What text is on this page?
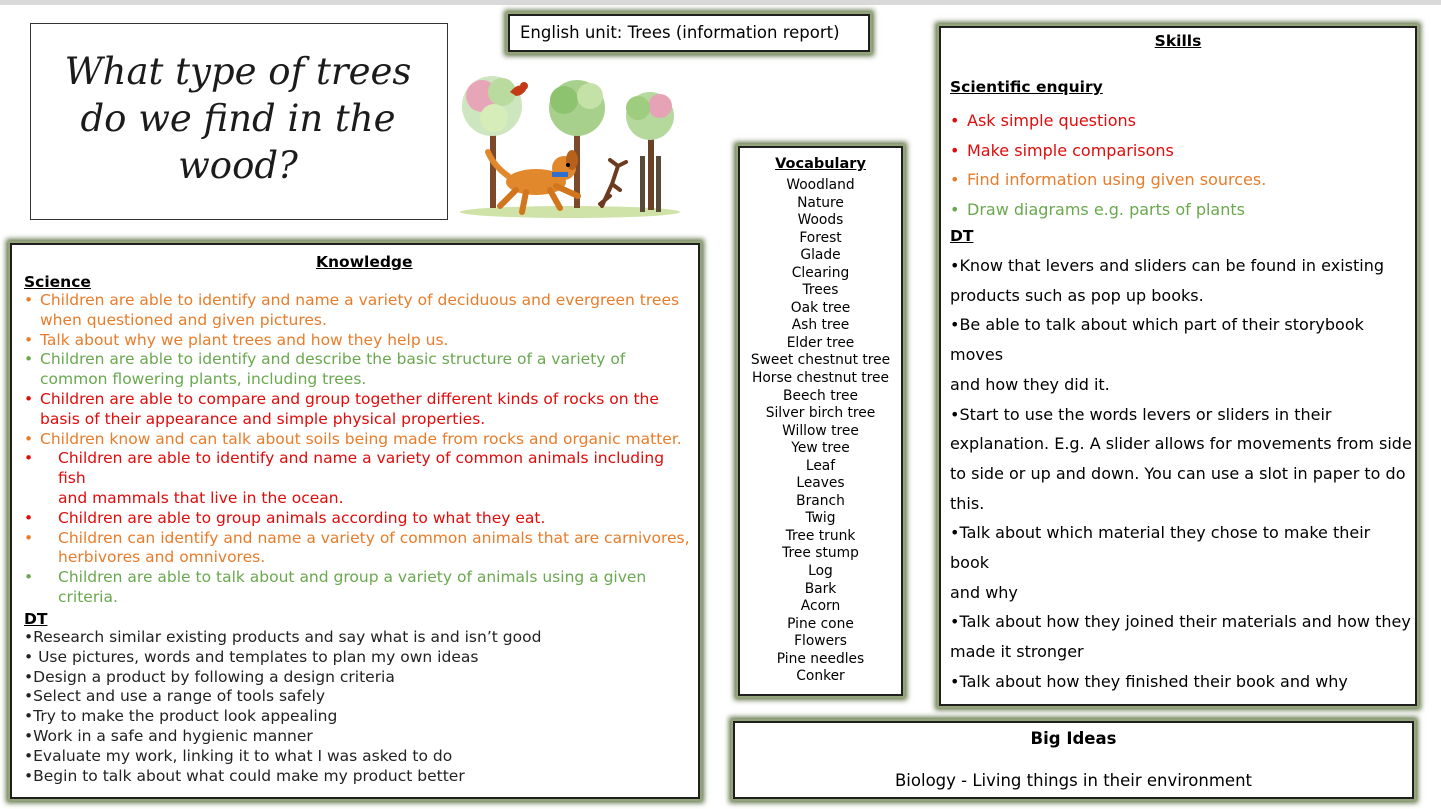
What type of trees do we find in the wood?
English unit: Trees (information report)
Knowledge
Science
• Children are able to identify and name a variety of deciduous and evergreen trees
when questioned and given pictures.
• Talk about why we plant trees and how they help us.
• Children are able to identify and describe the basic structure of a variety of
common flowering plants, including trees.
• Children are able to compare and group together different kinds of rocks on the
basis of their appearance and simple physical properties.
• Children know and can talk about soils being made from rocks and organic matter.
• Children are able to identify and name a variety of common animals including fish
and mammals that live in the ocean.
• Children are able to group animals according to what they eat.
• Children can identify and name a variety of common animals that are carnivores,
herbivores and omnivores.
• Children are able to talk about and group a variety of animals using a given
criteria.
DT
•Research similar existing products and say what is and isn’t good
• Use pictures, words and templates to plan my own ideas
•Design a product by following a design criteria
•Select and use a range of tools safely
•Try to make the product look appealing
•Work in a safe and hygienic manner
•Evaluate my work, linking it to what I was asked to do
•Begin to talk about what could make my product better
Vocabulary
Woodland
Nature
Woods
Forest
Glade
Clearing
Trees
Oak tree
Ash tree
Elder tree
Sweet chestnut tree
Horse chestnut tree
Beech tree
Silver birch tree
Willow tree
Yew tree
Leaf
Leaves
Branch
Twig
Tree trunk
Tree stump
Log
Bark
Acorn
Pine cone
Flowers
Pine needles
Conker
Skills
Scientific enquiry
• Ask simple questions
• Make simple comparisons
• Find information using given sources.
• Draw diagrams e.g. parts of plants
DT
•Know that levers and sliders can be found in existing
products such as pop up books.
•Be able to talk about which part of their storybook moves
and how they did it.
•Start to use the words levers or sliders in their
explanation. E.g. A slider allows for movements from side
to side or up and down. You can use a slot in paper to do
this.
•Talk about which material they chose to make their book
and why
•Talk about how they joined their materials and how they
made it stronger
•Talk about how they finished their book and why
Big Ideas
Biology - Living things in their environment
